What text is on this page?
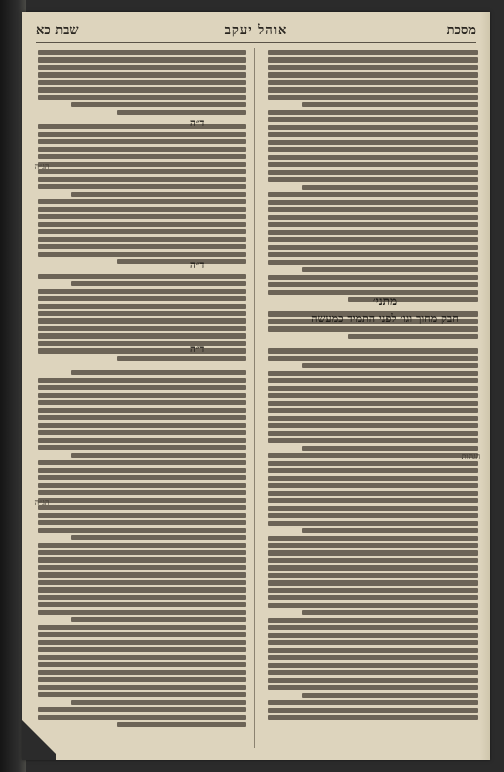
מסכת
אוהל יעקב
שבת כא
מתני׳
חבק מחוך וגו׳ לפני התמיד כמעשה
ד״ה
ד״ה
ד״ה
הג״ה
הג״ה
הגהות
